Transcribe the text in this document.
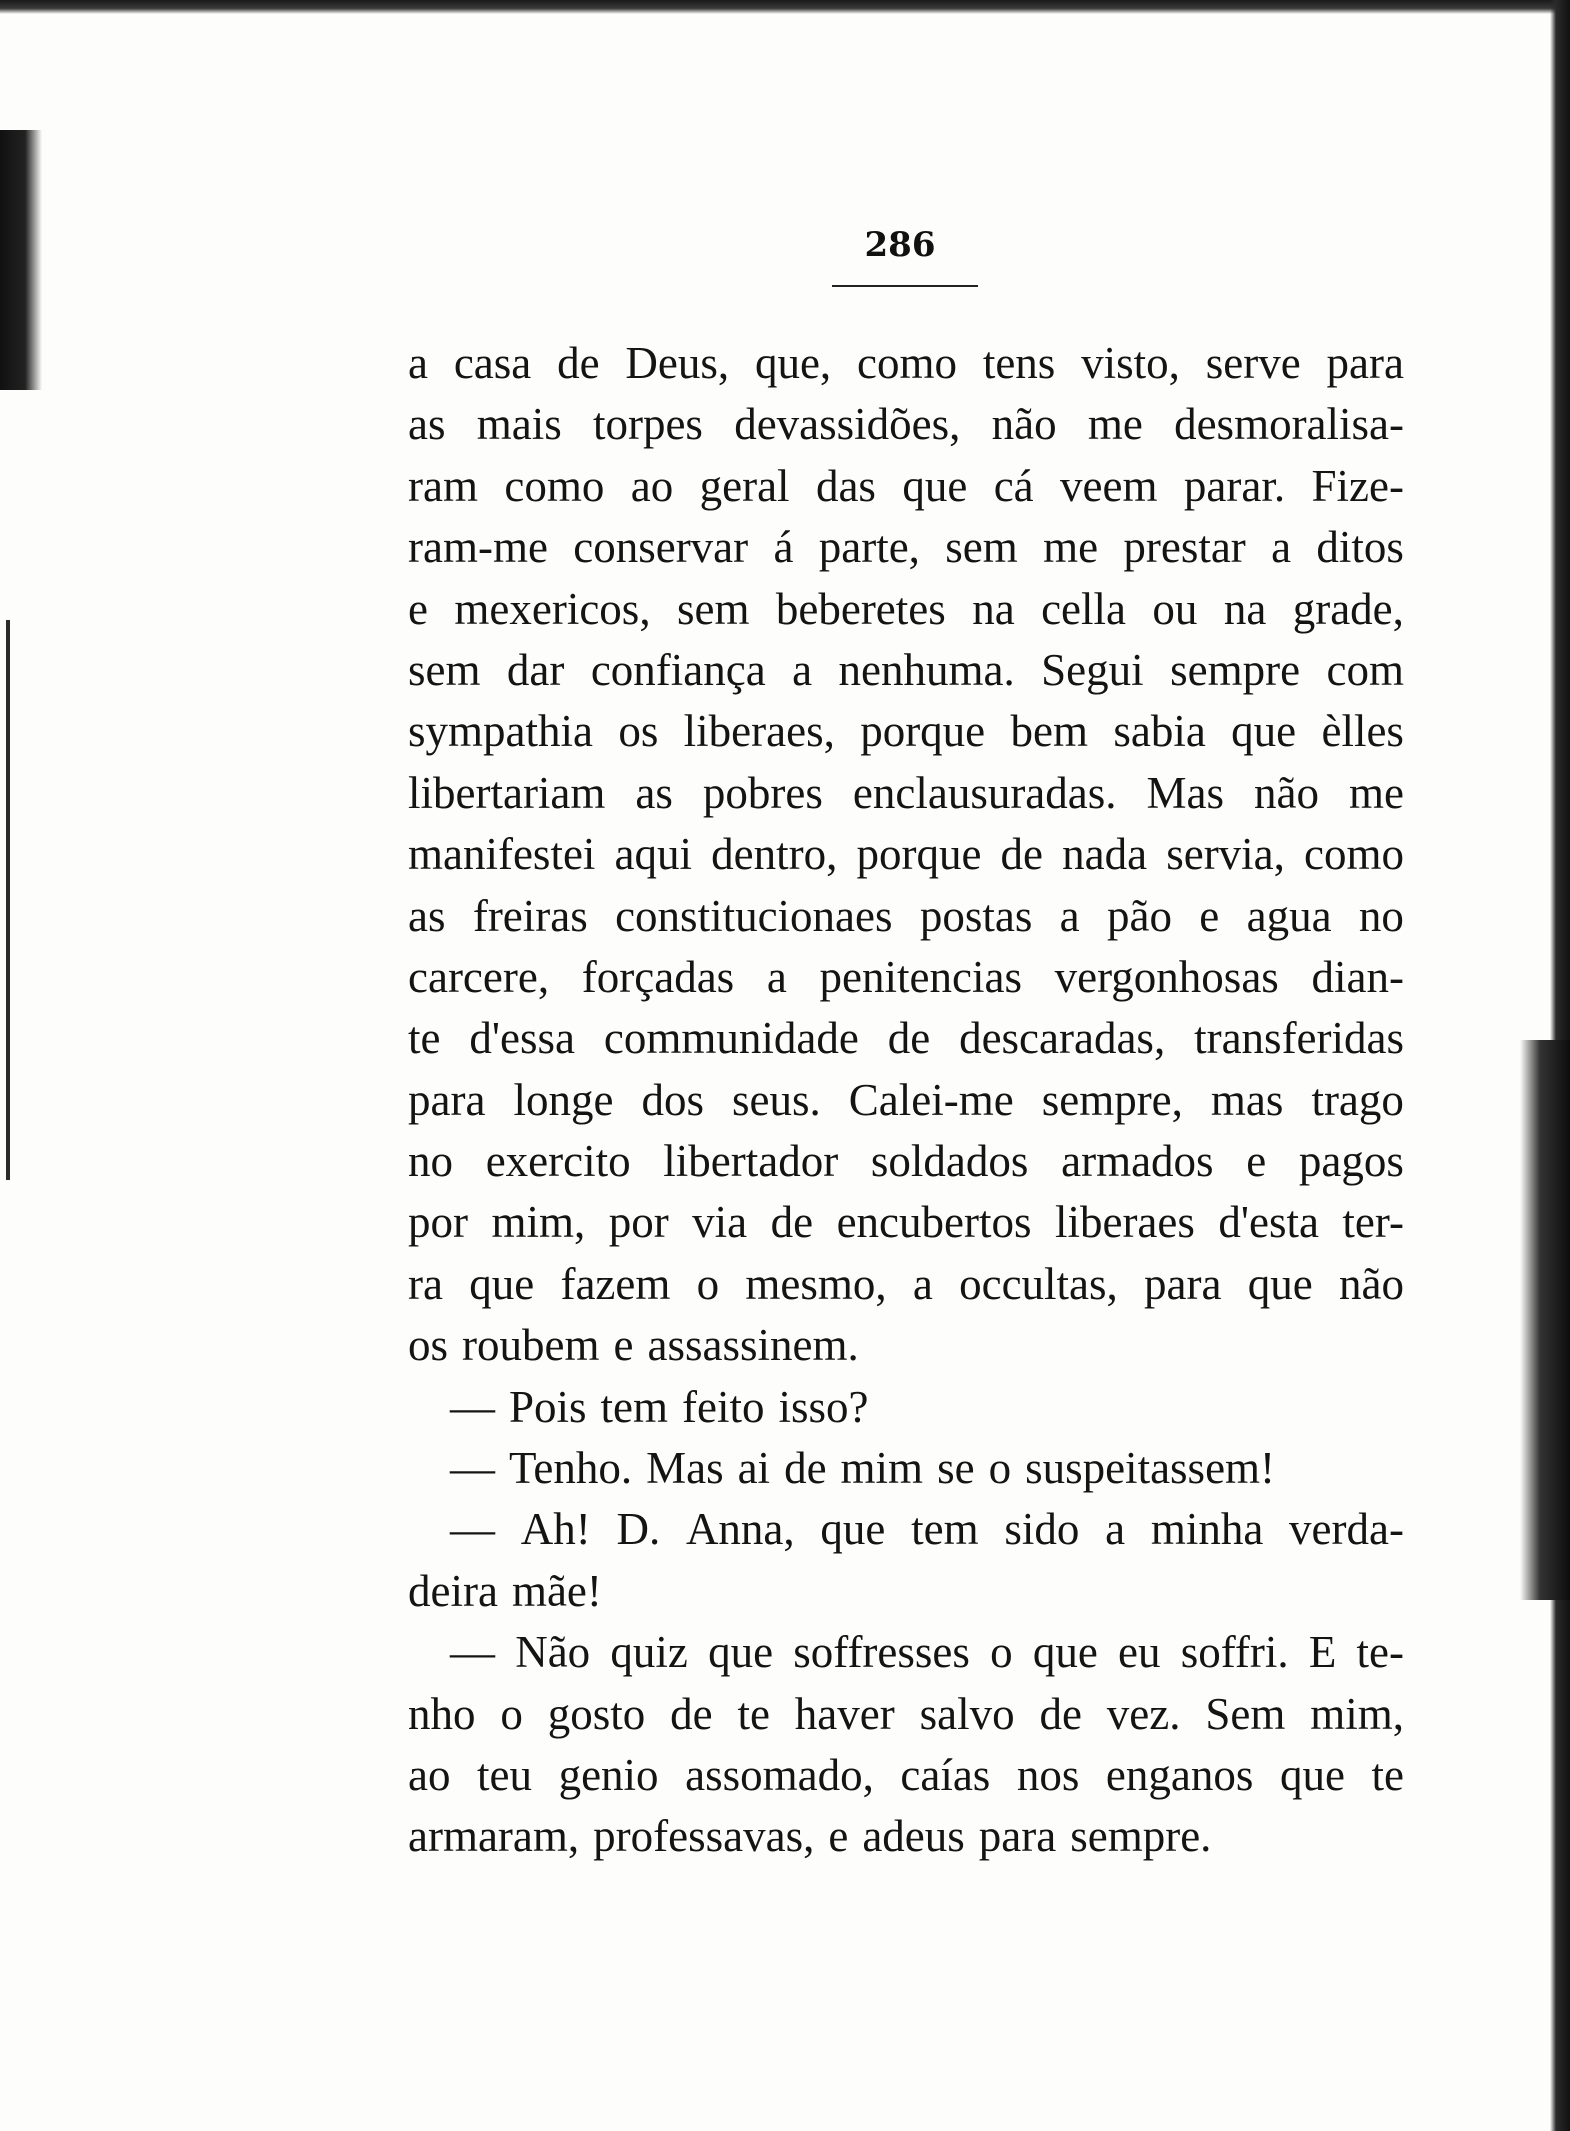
286
a casa de Deus, que, como tens visto, serve para
as mais torpes devassidões, não me desmoralisa-
ram como ao geral das que cá veem parar. Fize-
ram-me conservar á parte, sem me prestar a ditos
e mexericos, sem beberetes na cella ou na grade,
sem dar confiança a nenhuma. Segui sempre com
sympathia os liberaes, porque bem sabia que èlles
libertariam as pobres enclausuradas. Mas não me
manifestei aqui dentro, porque de nada servia, como
as freiras constitucionaes postas a pão e agua no
carcere, forçadas a penitencias vergonhosas dian-
te d'essa communidade de descaradas, transferidas
para longe dos seus. Calei-me sempre, mas trago
no exercito libertador soldados armados e pagos
por mim, por via de encubertos liberaes d'esta ter-
ra que fazem o mesmo, a occultas, para que não
os roubem e assassinem.
— Pois tem feito isso?
— Tenho. Mas ai de mim se o suspeitassem!
— Ah! D. Anna, que tem sido a minha verda-
deira mãe!
— Não quiz que soffresses o que eu soffri. E te-
nho o gosto de te haver salvo de vez. Sem mim,
ao teu genio assomado, caías nos enganos que te
armaram, professavas, e adeus para sempre.
